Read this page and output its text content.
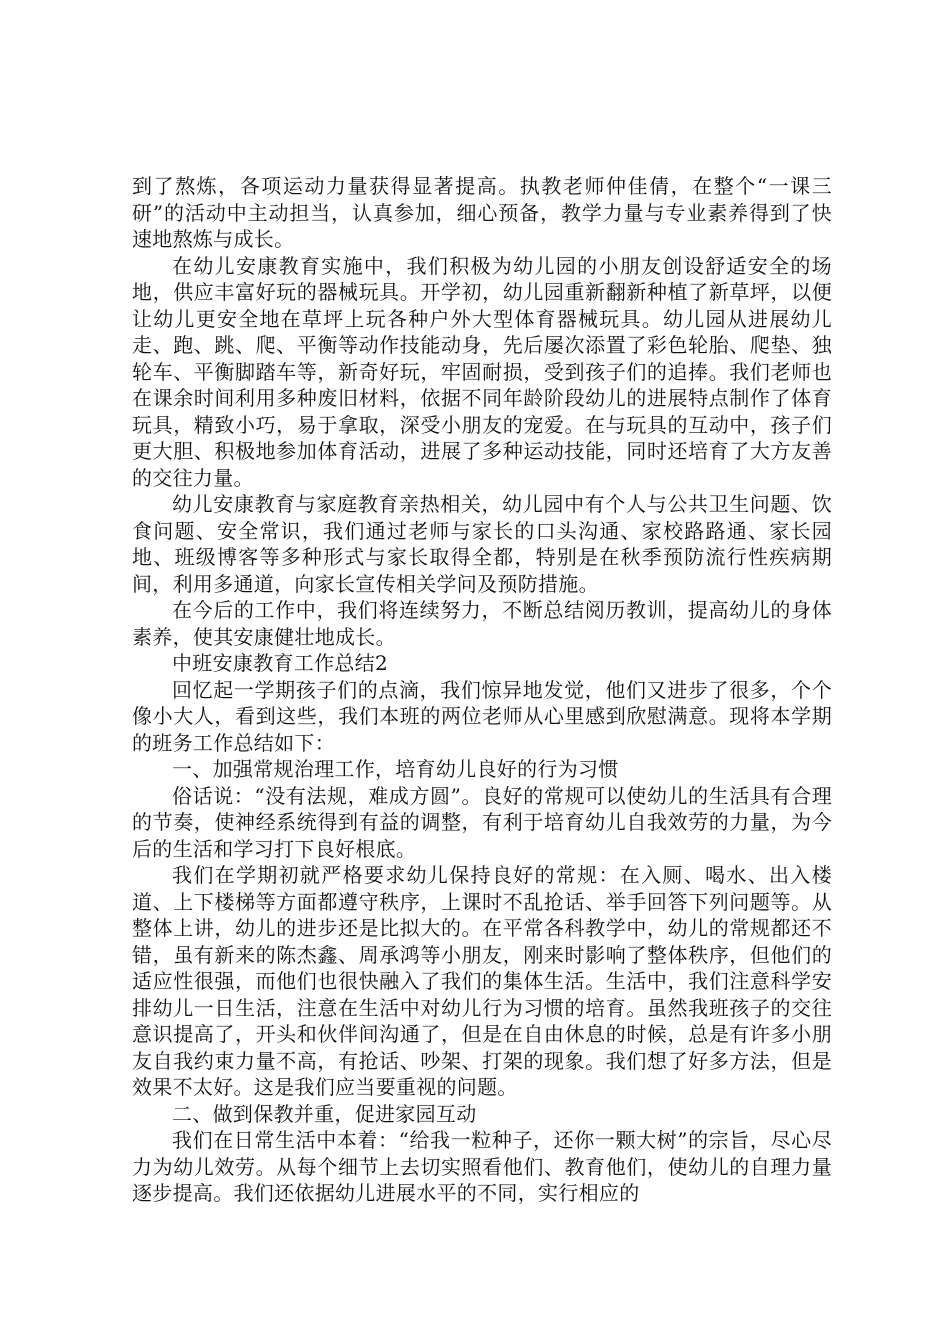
到了熬炼，各项运动力量获得显著提高。执教老师仲佳倩，在整个“一课三研”的活动中主动担当，认真参加，细心预备，教学力量与专业素养得到了快速地熬炼与成长。

在幼儿安康教育实施中，我们积极为幼儿园的小朋友创设舒适安全的场地，供应丰富好玩的器械玩具。开学初，幼儿园重新翻新种植了新草坪，以便让幼儿更安全地在草坪上玩各种户外大型体育器械玩具。幼儿园从进展幼儿走、跑、跳、爬、平衡等动作技能动身，先后屡次添置了彩色轮胎、爬垫、独轮车、平衡脚踏车等，新奇好玩，牢固耐损，受到孩子们的追捧。我们老师也在课余时间利用多种废旧材料，依据不同年龄阶段幼儿的进展特点制作了体育玩具，精致小巧，易于拿取，深受小朋友的宠爱。在与玩具的互动中，孩子们更大胆、积极地参加体育活动，进展了多种运动技能，同时还培育了大方友善的交往力量。

幼儿安康教育与家庭教育亲热相关，幼儿园中有个人与公共卫生问题、饮食问题、安全常识，我们通过老师与家长的口头沟通、家校路路通、家长园地、班级博客等多种形式与家长取得全都，特别是在秋季预防流行性疾病期间，利用多通道，向家长宣传相关学问及预防措施。

在今后的工作中，我们将连续努力，不断总结阅历教训，提高幼儿的身体素养，使其安康健壮地成长。

中班安康教育工作总结2

回忆起一学期孩子们的点滴，我们惊异地发觉，他们又进步了很多，个个像小大人，看到这些，我们本班的两位老师从心里感到欣慰满意。现将本学期的班务工作总结如下：

一、加强常规治理工作，培育幼儿良好的行为习惯

俗话说：“没有法规，难成方圆”。良好的常规可以使幼儿的生活具有合理的节奏，使神经系统得到有益的调整，有利于培育幼儿自我效劳的力量，为今后的生活和学习打下良好根底。

我们在学期初就严格要求幼儿保持良好的常规：在入厕、喝水、出入楼道、上下楼梯等方面都遵守秩序，上课时不乱抢话、举手回答下列问题等。从整体上讲，幼儿的进步还是比拟大的。在平常各科教学中，幼儿的常规都还不错，虽有新来的陈杰鑫、周承鸿等小朋友，刚来时影响了整体秩序，但他们的适应性很强，而他们也很快融入了我们的集体生活。生活中，我们注意科学安排幼儿一日生活，注意在生活中对幼儿行为习惯的培育。虽然我班孩子的交往意识提高了，开头和伙伴间沟通了，但是在自由休息的时候，总是有许多小朋友自我约束力量不高，有抢话、吵架、打架的现象。我们想了好多方法，但是效果不太好。这是我们应当要重视的问题。

二、做到保教并重，促进家园互动

我们在日常生活中本着：“给我一粒种子，还你一颗大树”的宗旨，尽心尽力为幼儿效劳。从每个细节上去切实照看他们、教育他们，使幼儿的自理力量逐步提高。我们还依据幼儿进展水平的不同，实行相应的
